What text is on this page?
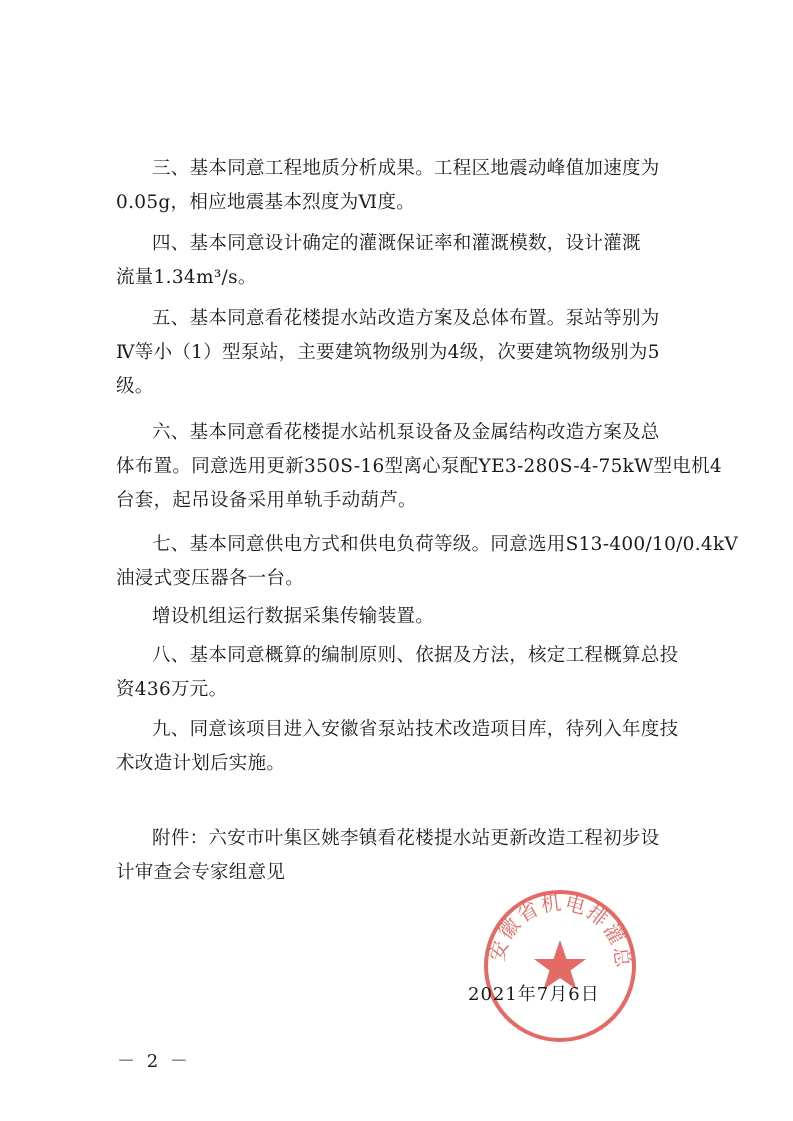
三、基本同意工程地质分析成果。工程区地震动峰值加速度为
0.05g，相应地震基本烈度为Ⅵ度。
四、基本同意设计确定的灌溉保证率和灌溉模数，设计灌溉
流量1.34m³/s。
五、基本同意看花楼提水站改造方案及总体布置。泵站等别为
Ⅳ等小（1）型泵站，主要建筑物级别为4级，次要建筑物级别为5
级。
六、基本同意看花楼提水站机泵设备及金属结构改造方案及总
体布置。同意选用更新350S-16型离心泵配YE3-280S-4-75kW型电机4
台套，起吊设备采用单轨手动葫芦。
七、基本同意供电方式和供电负荷等级。同意选用S13-400/10/0.4kV
油浸式变压器各一台。
增设机组运行数据采集传输装置。
八、基本同意概算的编制原则、依据及方法，核定工程概算总投
资436万元。
九、同意该项目进入安徽省泵站技术改造项目库，待列入年度技
术改造计划后实施。
附件：六安市叶集区姚李镇看花楼提水站更新改造工程初步设
计审查会专家组意见
安徽省机电排灌总
2021年7月6日
－ 2 －
